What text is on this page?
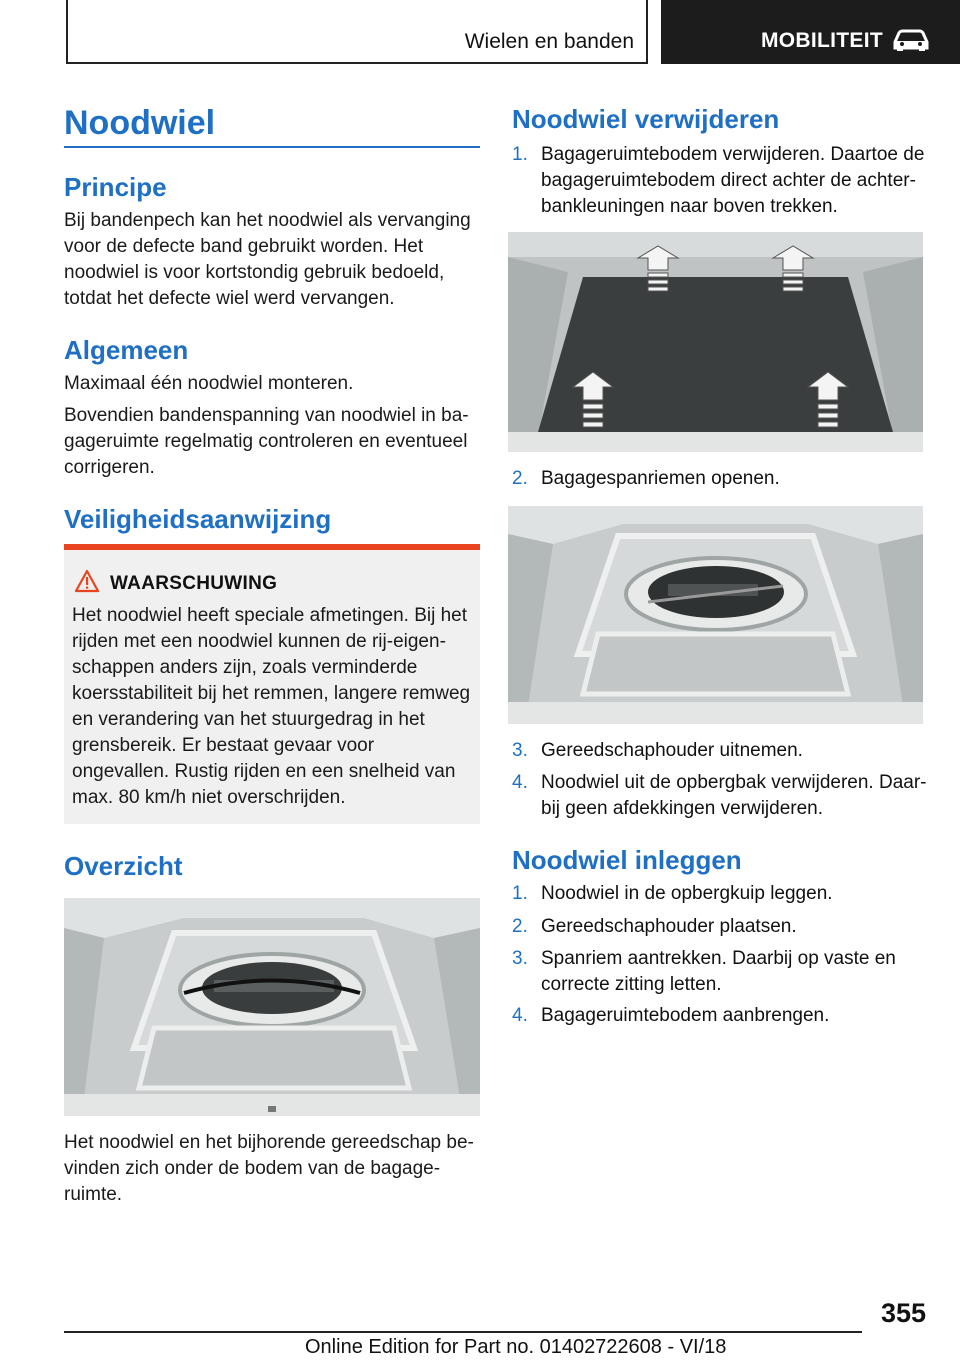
Wielen en banden	MOBILITEIT
Noodwiel
Principe
Bij bandenpech kan het noodwiel als vervanging voor de defecte band gebruikt worden. Het noodwiel is voor kortstondig gebruik bedoeld, totdat het defecte wiel werd vervangen.
Algemeen
Maximaal één noodwiel monteren.
Bovendien bandenspanning van noodwiel in bagageruimte regelmatig controleren en eventueel corrigeren.
Veiligheidsaanwijzing
WAARSCHUWING
Het noodwiel heeft speciale afmetingen. Bij het rijden met een noodwiel kunnen de rij-eigenschappen anders zijn, zoals verminderde koersstabiliteit bij het remmen, langere remweg en verandering van het stuurgedrag in het grensbereik. Er bestaat gevaar voor ongevallen. Rustig rijden en een snelheid van max. 80 km/h niet overschrijden.
Overzicht
Het noodwiel en het bijhorende gereedschap bevinden zich onder de bodem van de bagageruimte.
Noodwiel verwijderen
1. Bagageruimtebodem verwijderen. Daartoe de bagageruimtebodem direct achter de achterbankleuningen naar boven trekken.
2. Bagagespanriemen openen.
3. Gereedschaphouder uitnemen.
4. Noodwiel uit de opbergbak verwijderen. Daarbij geen afdekkingen verwijderen.
Noodwiel inleggen
1. Noodwiel in de opbergkuip leggen.
2. Gereedschaphouder plaatsen.
3. Spanriem aantrekken. Daarbij op vaste en correcte zitting letten.
4. Bagageruimtebodem aanbrengen.
355
Online Edition for Part no. 01402722608 - VI/18
